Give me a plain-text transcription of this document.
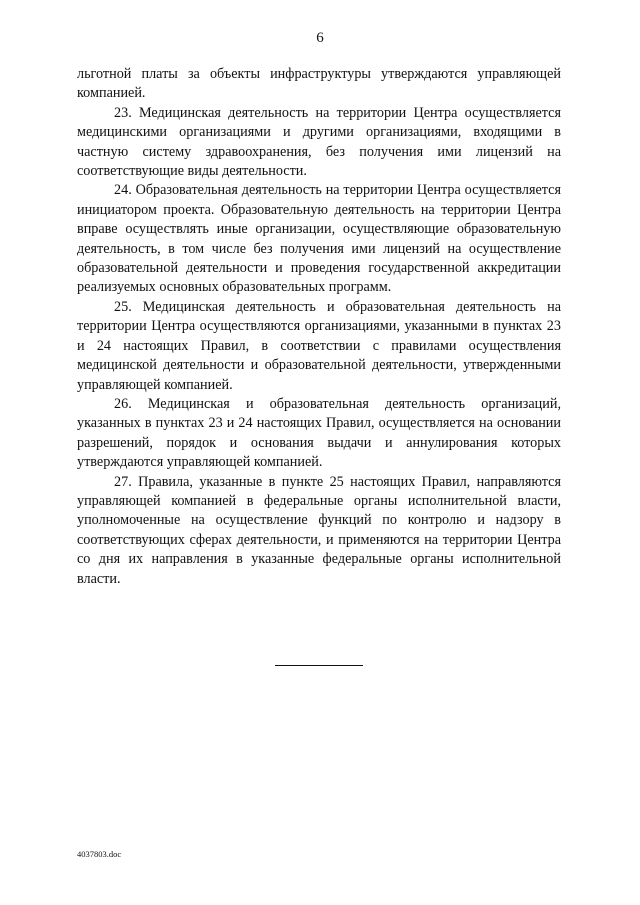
6

льготной платы за объекты инфраструктуры утверждаются управляющей компанией.

23. Медицинская деятельность на территории Центра осуществляется медицинскими организациями и другими организациями, входящими в частную систему здравоохранения, без получения ими лицензий на соответствующие виды деятельности.

24. Образовательная деятельность на территории Центра осуществляется инициатором проекта. Образовательную деятельность на территории Центра вправе осуществлять иные организации, осуществляющие образовательную деятельность, в том числе без получения ими лицензий на осуществление образовательной деятельности и проведения государственной аккредитации реализуемых основных образовательных программ.

25. Медицинская деятельность и образовательная деятельность на территории Центра осуществляются организациями, указанными в пунктах 23 и 24 настоящих Правил, в соответствии с правилами осуществления медицинской деятельности и образовательной деятельности, утвержденными управляющей компанией.

26. Медицинская и образовательная деятельность организаций, указанных в пунктах 23 и 24 настоящих Правил, осуществляется на основании разрешений, порядок и основания выдачи и аннулирования которых утверждаются управляющей компанией.

27. Правила, указанные в пункте 25 настоящих Правил, направляются управляющей компанией в федеральные органы исполнительной власти, уполномоченные на осуществление функций по контролю и надзору в соответствующих сферах деятельности, и применяются на территории Центра со дня их направления в указанные федеральные органы исполнительной власти.

4037803.doc
